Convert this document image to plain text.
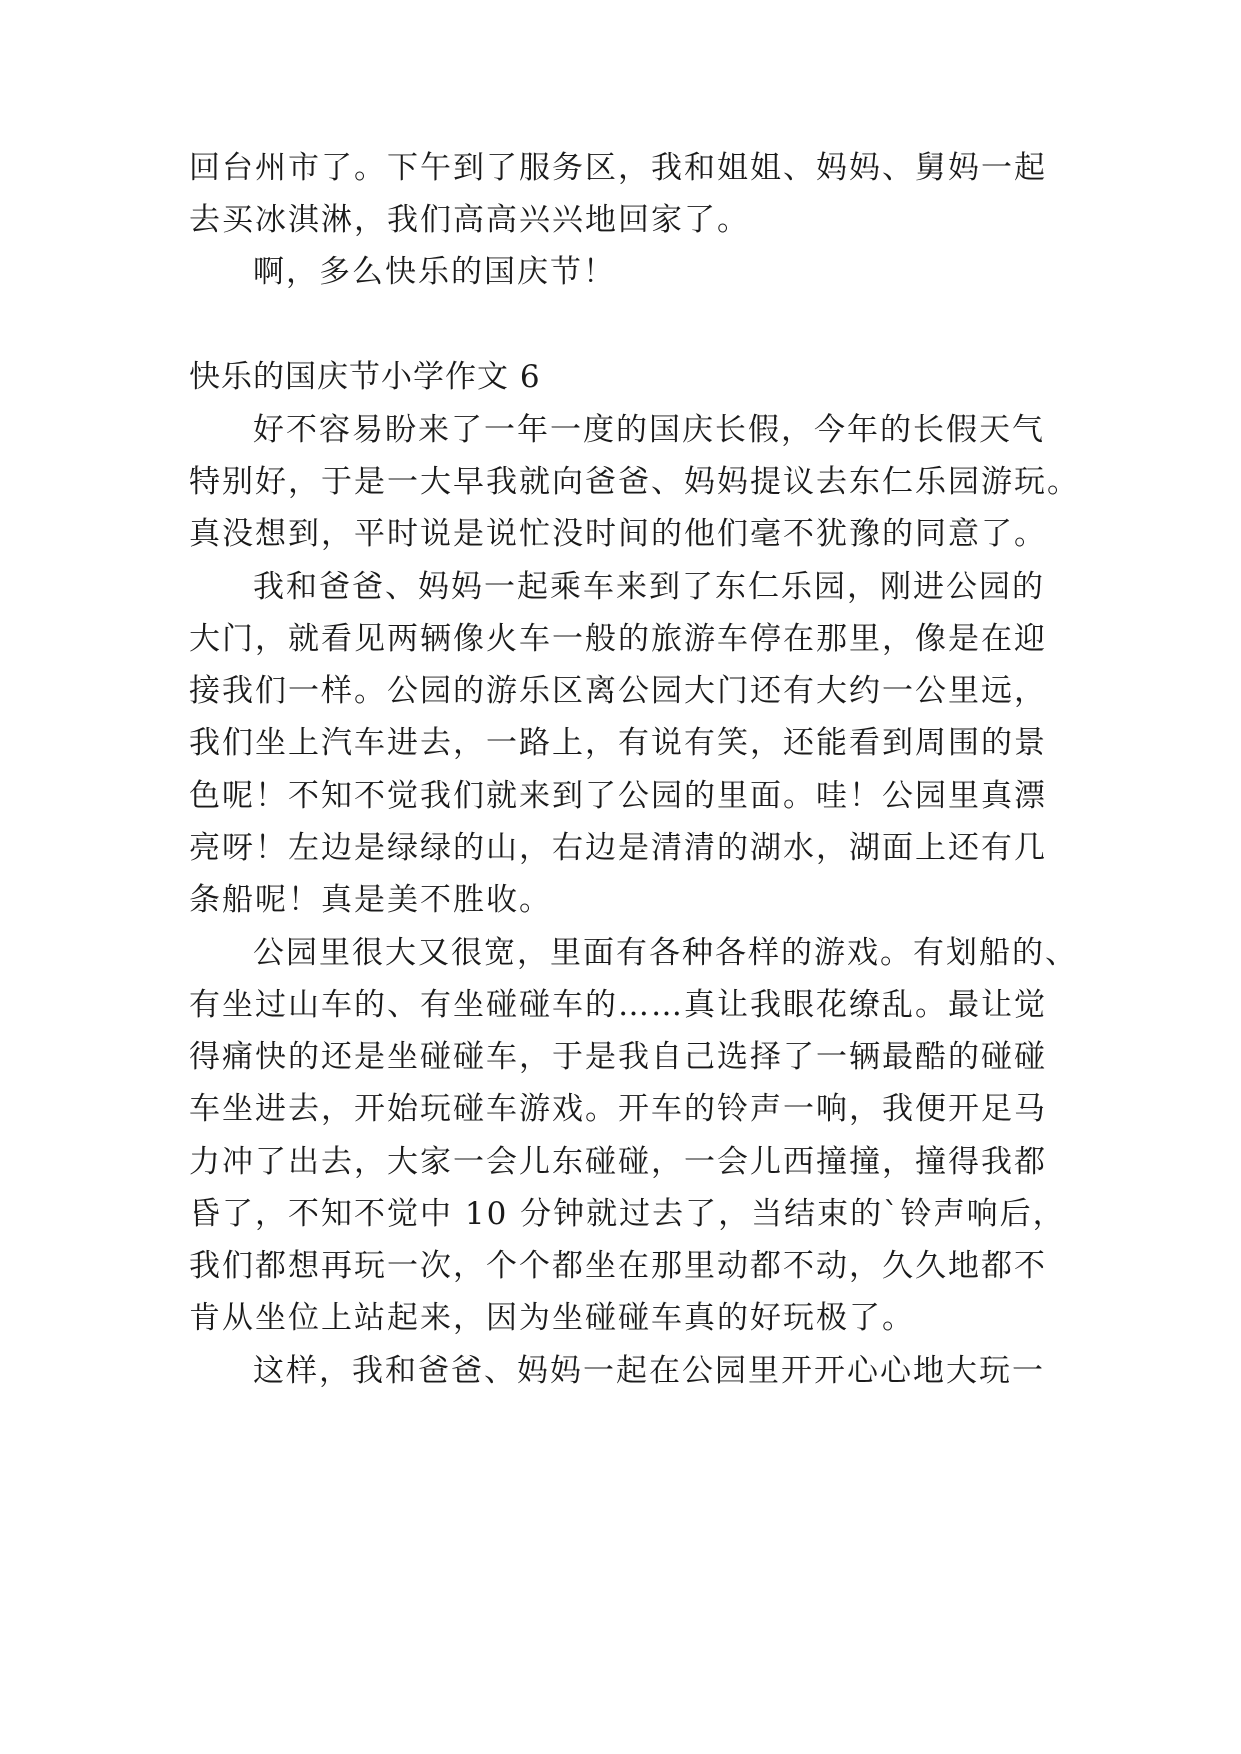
回台州市了。下午到了服务区，我和姐姐、妈妈、舅妈一起
去买冰淇淋，我们高高兴兴地回家了。
啊，多么快乐的国庆节！
快乐的国庆节小学作文 6
好不容易盼来了一年一度的国庆长假，今年的长假天气
特别好，于是一大早我就向爸爸、妈妈提议去东仁乐园游玩。
真没想到，平时说是说忙没时间的他们毫不犹豫的同意了。
我和爸爸、妈妈一起乘车来到了东仁乐园，刚进公园的
大门，就看见两辆像火车一般的旅游车停在那里，像是在迎
接我们一样。公园的游乐区离公园大门还有大约一公里远，
我们坐上汽车进去，一路上，有说有笑，还能看到周围的景
色呢！不知不觉我们就来到了公园的里面。哇！公园里真漂
亮呀！左边是绿绿的山，右边是清清的湖水，湖面上还有几
条船呢！真是美不胜收。
公园里很大又很宽，里面有各种各样的游戏。有划船的、
有坐过山车的、有坐碰碰车的……真让我眼花缭乱。最让觉
得痛快的还是坐碰碰车，于是我自己选择了一辆最酷的碰碰
车坐进去，开始玩碰车游戏。开车的铃声一响，我便开足马
力冲了出去，大家一会儿东碰碰，一会儿西撞撞，撞得我都
昏了，不知不觉中 10 分钟就过去了，当结束的`铃声响后，
我们都想再玩一次，个个都坐在那里动都不动，久久地都不
肯从坐位上站起来，因为坐碰碰车真的好玩极了。
这样，我和爸爸、妈妈一起在公园里开开心心地大玩一
